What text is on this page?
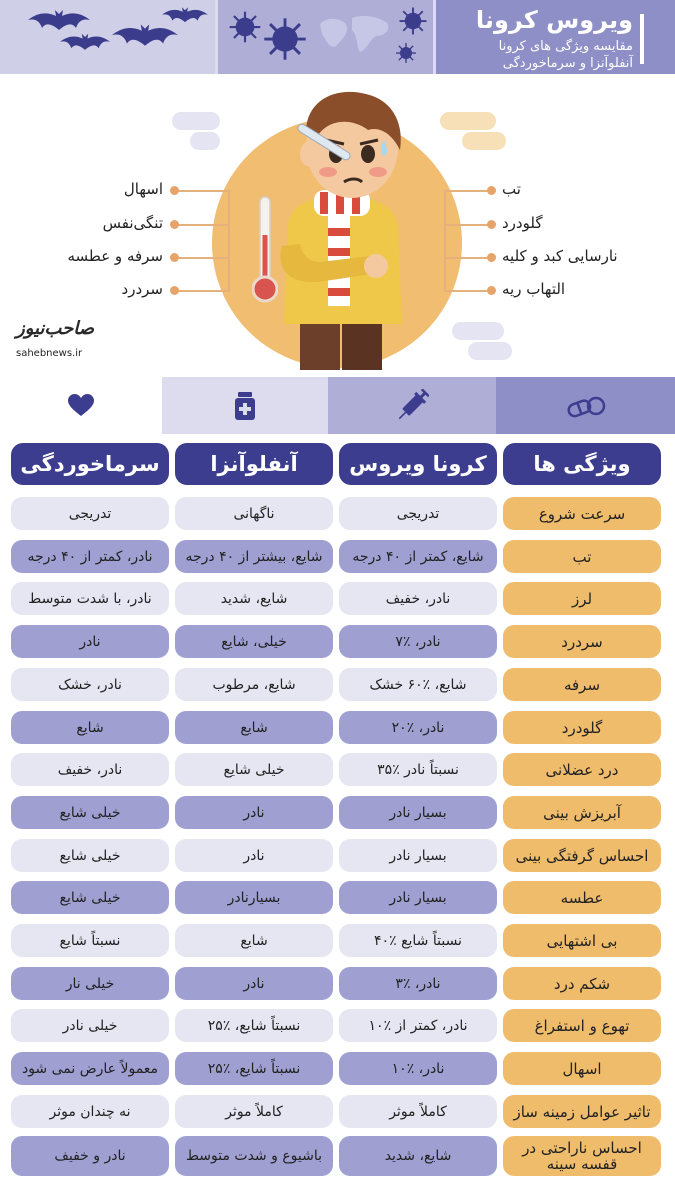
ویروس کرونا
مقایسه ویژگی های کرونا
آنفلوآنزا و سرماخوردگی
تب
گلودرد
نارسایی کبد و کلیه
التهاب ریه
اسهال
تنگی‌نفس
سرفه و عطسه
سردرد
صاحب‌نیوز
sahebnews.ir
ویژگی ها
کرونا ویروس
آنفلوآنزا
سرماخوردگی
سرعت شروع
تدریجی
ناگهانی
تدریجی
تب
شایع، کمتر از ۴۰ درجه
شایع، بیشتر از ۴۰ درجه
نادر، کمتر از ۴۰ درجه
لرز
نادر، خفیف
شایع، شدید
نادر، با شدت متوسط
سردرد
نادر، ٪۷
خیلی، شایع
نادر
سرفه
شایع، ٪۶۰ خشک
شایع، مرطوب
نادر، خشک
گلودرد
نادر، ٪۲۰
شایع
شایع
درد عضلانی
نسبتاً نادر ٪۳۵
خیلی شایع
نادر، خفیف
آبریزش بینی
بسیار نادر
نادر
خیلی شایع
احساس گرفتگی بینی
بسیار نادر
نادر
خیلی شایع
عطسه
بسیار نادر
بسیارنادر
خیلی شایع
بی اشتهایی
نسبتاً شایع ٪۴۰
شایع
نسبتاً شایع
شکم درد
نادر، ٪۳
نادر
خیلی نار
تهوع و استفراغ
نادر، کمتر از ٪۱۰
نسبتاً شایع، ٪۲۵
خیلی نادر
اسهال
نادر، ٪۱۰
نسبتاً شایع، ٪۲۵
معمولاً عارض نمی شود
تاثیر عوامل زمینه ساز
کاملاً موثر
کاملاً موثر
نه چندان موثر
احساس ناراحتی در قفسه سینه
شایع، شدید
باشیوع و شدت متوسط
نادر و خفیف
